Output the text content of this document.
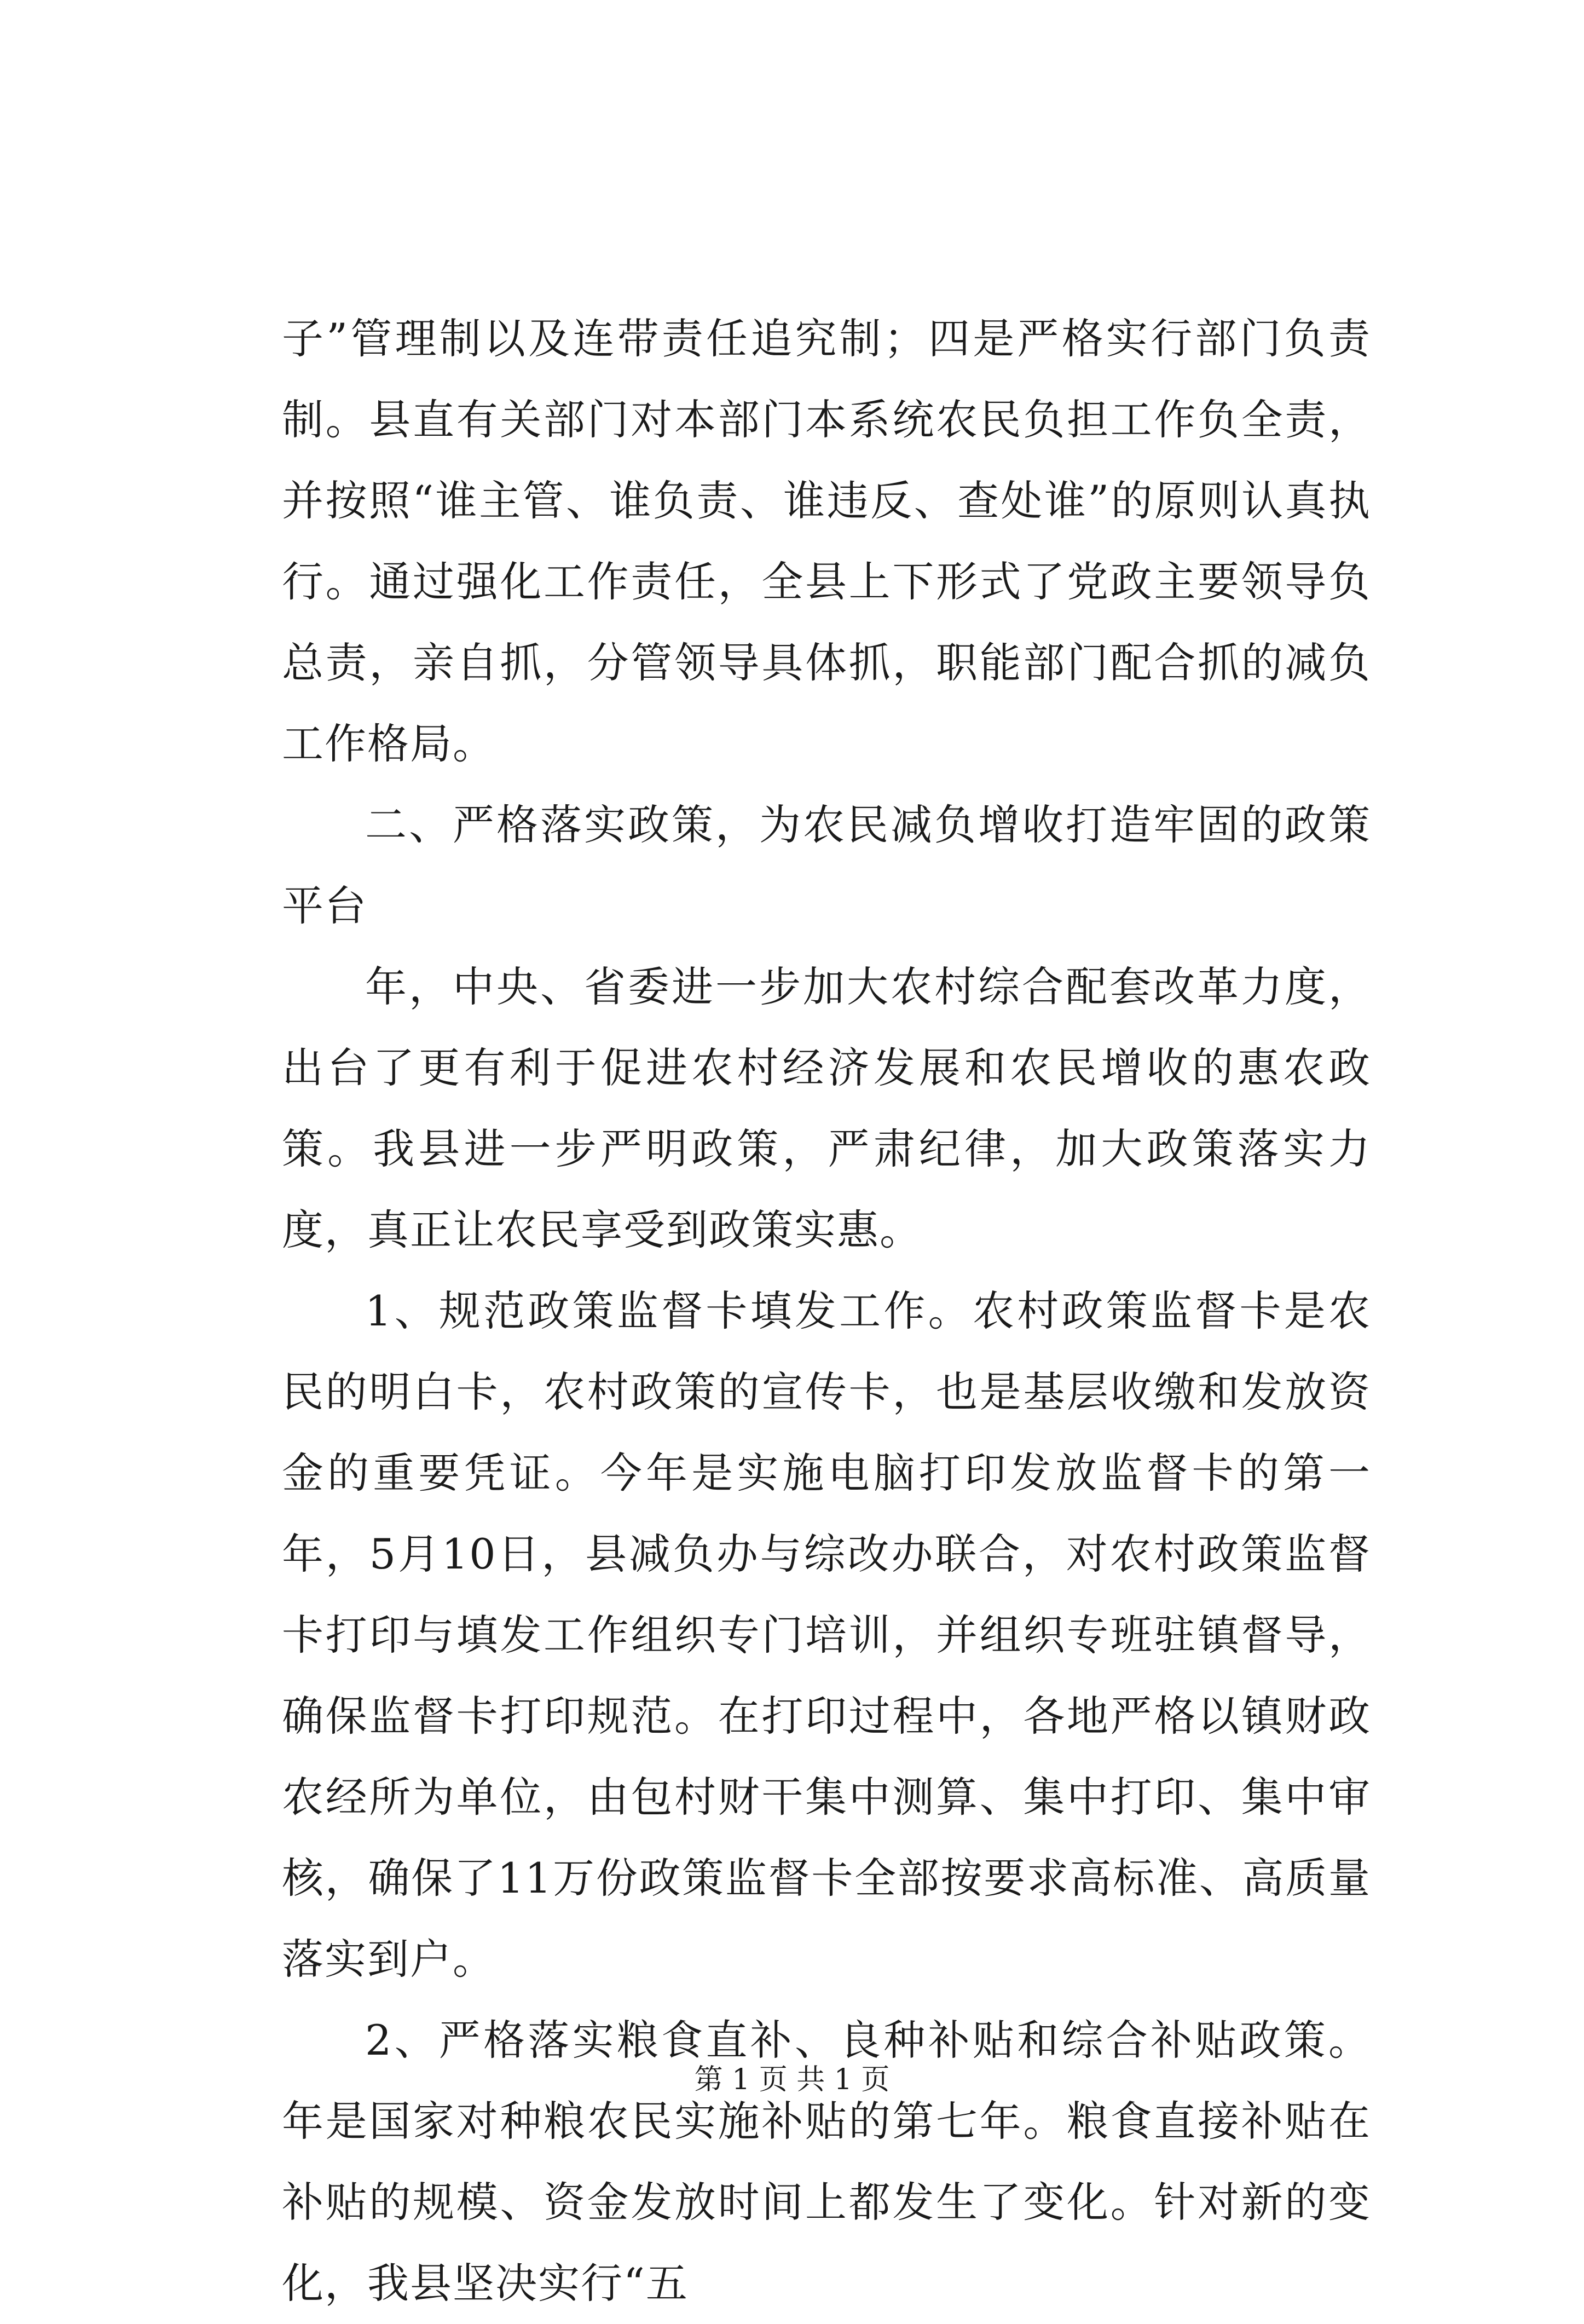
子”管理制以及连带责任追究制；四是严格实行部门负责制。县直有关部门对本部门本系统农民负担工作负全责，并按照“谁主管、谁负责、谁违反、查处谁”的原则认真执行。通过强化工作责任，全县上下形式了党政主要领导负总责，亲自抓，分管领导具体抓，职能部门配合抓的减负工作格局。

二、严格落实政策，为农民减负增收打造牢固的政策平台

年，中央、省委进一步加大农村综合配套改革力度，出台了更有利于促进农村经济发展和农民增收的惠农政策。我县进一步严明政策，严肃纪律，加大政策落实力度，真正让农民享受到政策实惠。

1、规范政策监督卡填发工作。农村政策监督卡是农民的明白卡，农村政策的宣传卡，也是基层收缴和发放资金的重要凭证。今年是实施电脑打印发放监督卡的第一年，5月10日，县减负办与综改办联合，对农村政策监督卡打印与填发工作组织专门培训，并组织专班驻镇督导，确保监督卡打印规范。在打印过程中，各地严格以镇财政农经所为单位，由包村财干集中测算、集中打印、集中审核，确保了11万份政策监督卡全部按要求高标准、高质量落实到户。

2、严格落实粮食直补、良种补贴和综合补贴政策。年是国家对种粮农民实施补贴的第七年。粮食直接补贴在补贴的规模、资金发放时间上都发生了变化。针对新的变化，我县坚决实行“五

第 1 页 共 1 页
